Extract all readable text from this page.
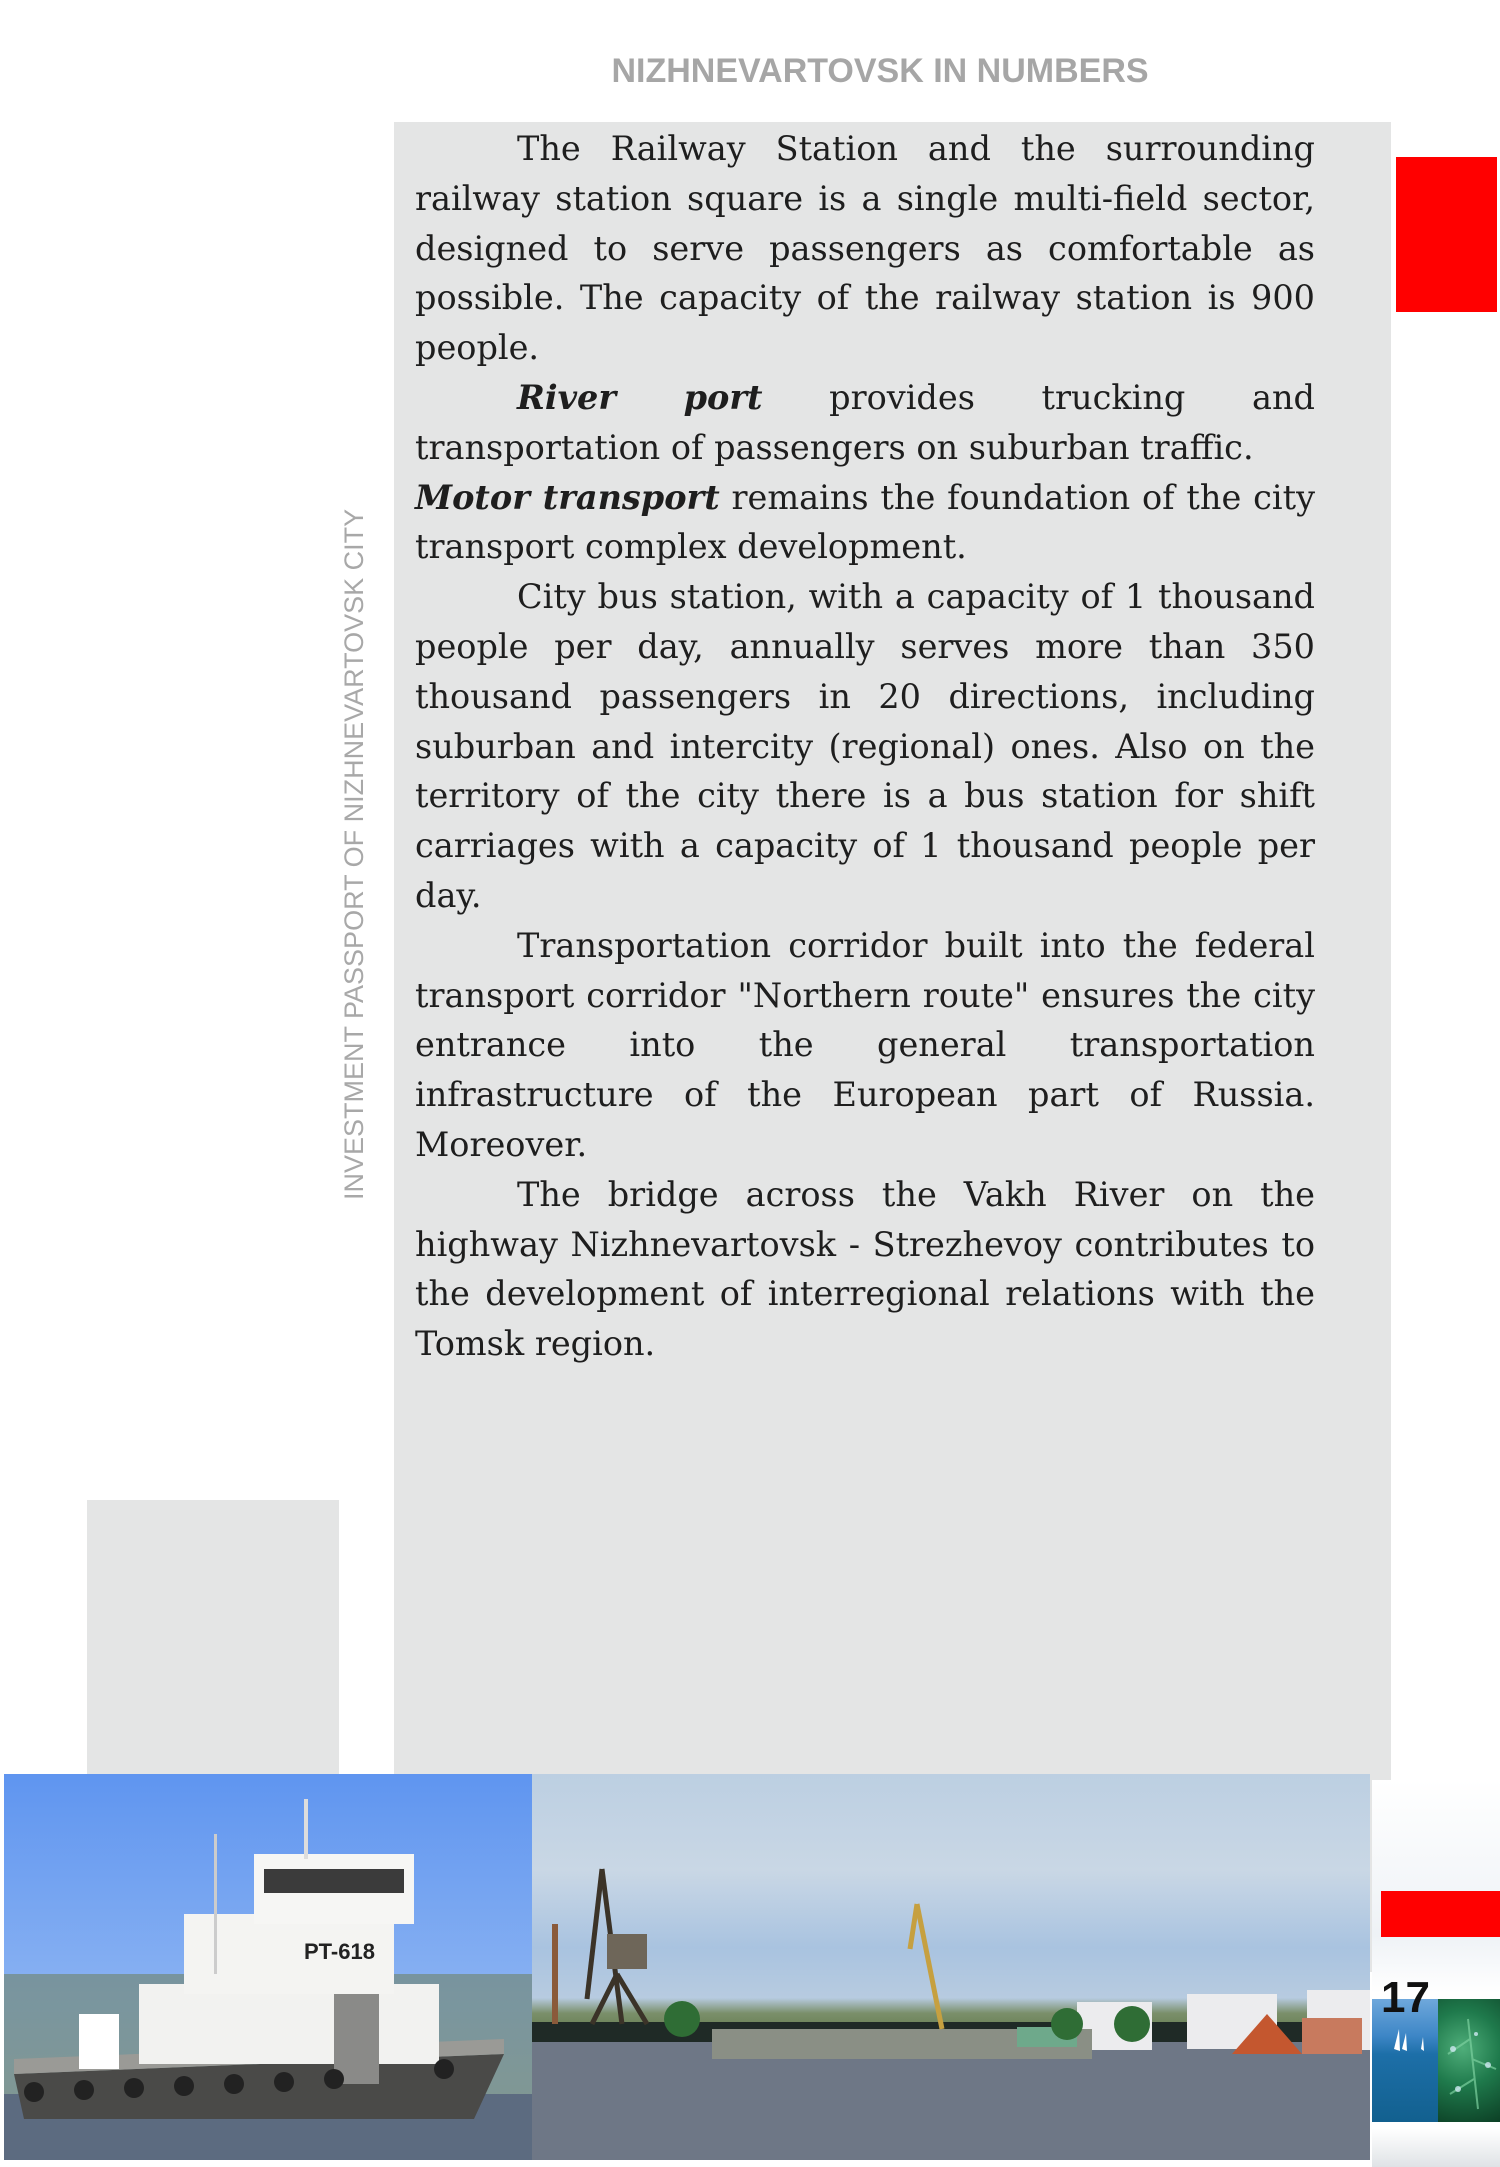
NIZHNEVARTOVSK IN NUMBERS
INVESTMENT PASSPORT OF NIZHNEVARTOVSK CITY

The Railway Station and the surrounding railway station square is a single multi-field sector, designed to serve passengers as comfortable as possible. The capacity of the railway station is 900 people.

River port provides trucking and transportation of passengers on suburban traffic.

Motor transport remains the foundation of the city transport complex development.

City bus station, with a capacity of 1 thousand people per day, annually serves more than 350 thousand passengers in 20 directions, including suburban and intercity (regional) ones. Also on the territory of the city there is a bus station for shift carriages with a capacity of 1 thousand people per day.

Transportation corridor built into the federal transport corridor "Northern route" ensures the city entrance into the general transportation infrastructure of the European part of Russia. Moreover.

The bridge across the Vakh River on the highway Nizhnevartovsk - Strezhevoy contributes to the development of interregional relations with the Tomsk region.

PT-618
17
